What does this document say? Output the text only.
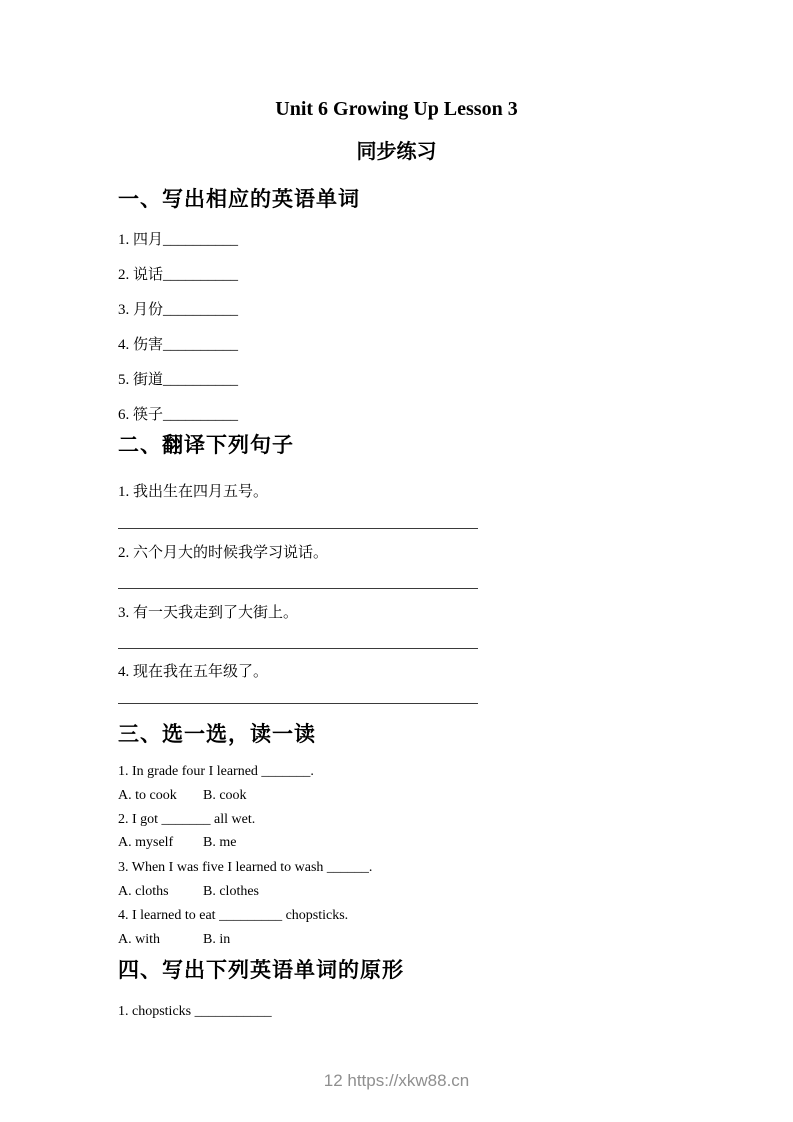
Unit 6 Growing Up Lesson 3
同步练习
一、写出相应的英语单词
1. 四月__________
2. 说话__________
3. 月份__________
4. 伤害__________
5. 街道__________
6. 筷子__________
二、翻译下列句子
1. 我出生在四月五号。
2. 六个月大的时候我学习说话。
3. 有一天我走到了大街上。
4. 现在我在五年级了。
三、选一选，读一读
1. In grade four I learned _______.
A. to cook	B. cook
2. I got _______ all wet.
A. myself	B. me
3. When I was five I learned to wash ______.
A. cloths	B. clothes
4. I learned to eat _________ chopsticks.
A. with	B. in
四、写出下列英语单词的原形
1. chopsticks ___________
12 https://xkw88.cn
